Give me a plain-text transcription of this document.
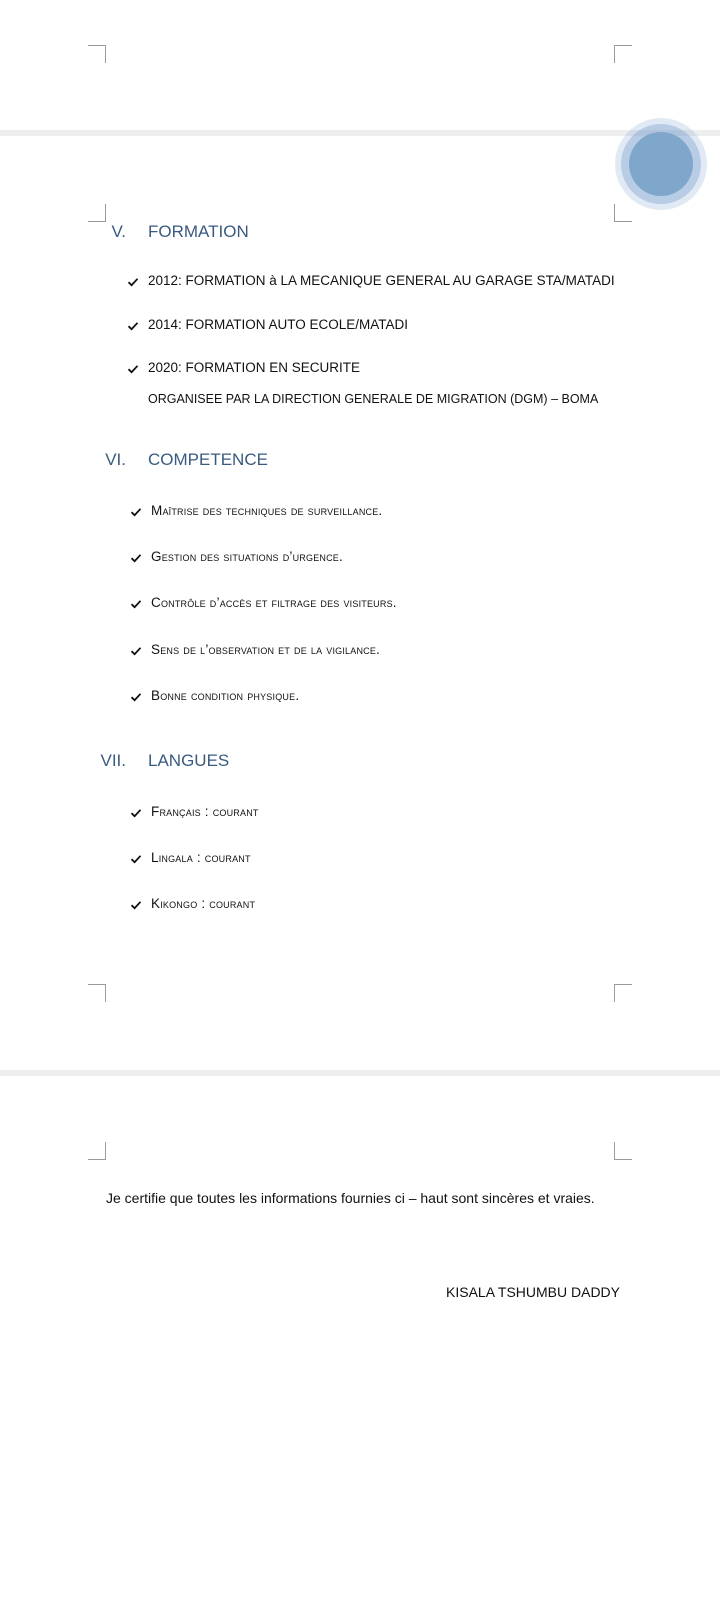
V. FORMATION
2012: FORMATION à LA MECANIQUE GENERAL AU GARAGE STA/MATADI
2014: FORMATION AUTO ECOLE/MATADI
2020: FORMATION EN SECURITE
ORGANISEE PAR LA DIRECTION GENERALE DE MIGRATION (DGM) – BOMA
VI. COMPETENCE
Maîtrise des techniques de surveillance.
Gestion des situations d’urgence.
Contrôle d’accès et filtrage des visiteurs.
Sens de l’observation et de la vigilance.
Bonne condition physique.
VII. LANGUES
Français : courant
Lingala : courant
Kikongo : courant
Je certifie que toutes les informations fournies ci – haut sont sincères et vraies.
KISALA TSHUMBU DADDY
